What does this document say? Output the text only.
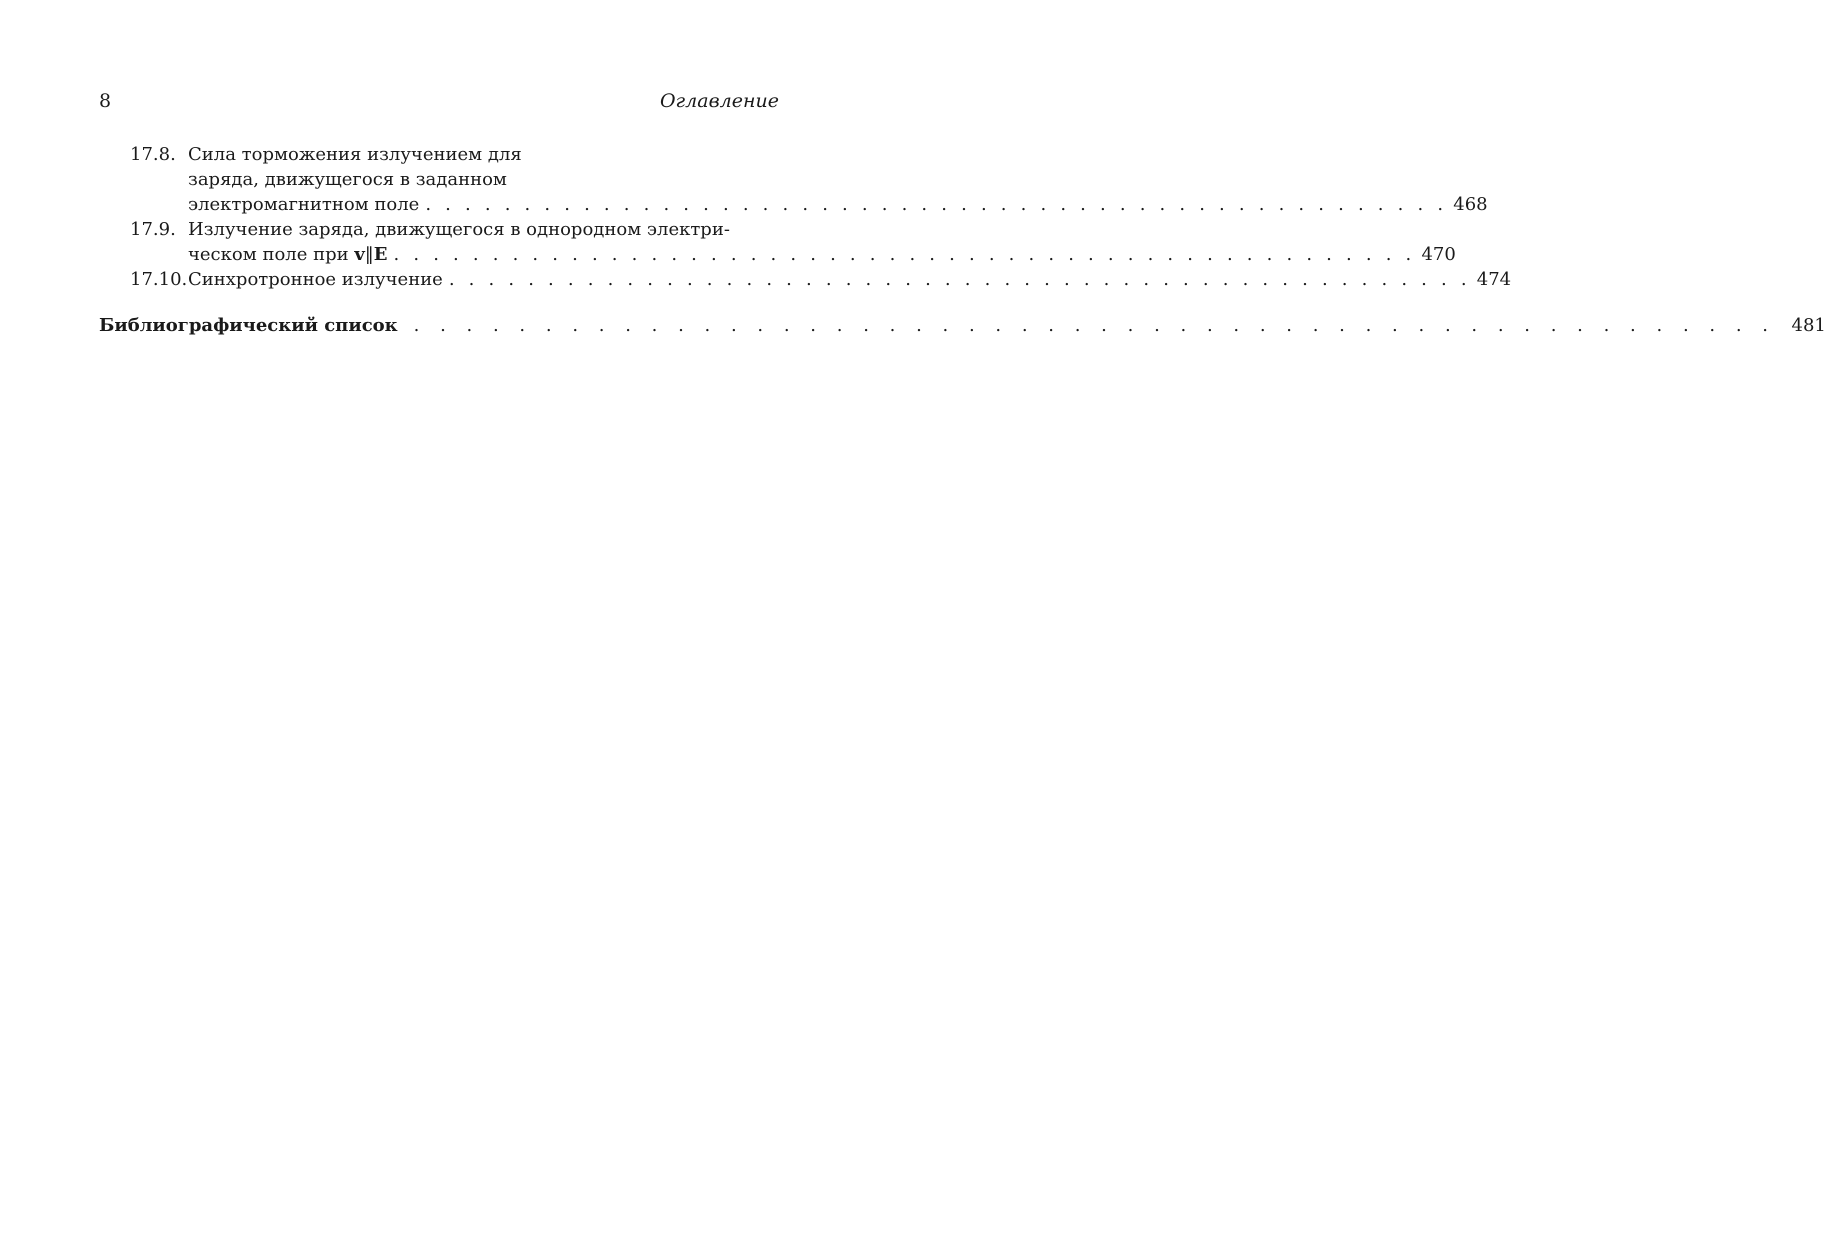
8	Оглавление
17.8. Сила торможения излучением для
заряда, движущегося в заданном
электромагнитном поле . . . . . . . . . . . . . . . . . . . . . . . . . . . . . . . . . . . . . . . . . . . . . . . . . . . . 468
17.9. Излучение заряда, движущегося в однородном электри-
ческом поле при v‖E . . . . . . . . . . . . . . . . . . . . . . . . . . . . . . . . . . . . . . . . . . . . . . . . . . . . 470
17.10. Синхротронное излучение . . . . . . . . . . . . . . . . . . . . . . . . . . . . . . . . . . . . . . . . . . . . . . . . . . . . 474
Библиографический список . . . . . . . . . . . . . . . . . . . . . . . . . . . . . . . . . . . . . . . . . . . . . . . . . . . . 481
